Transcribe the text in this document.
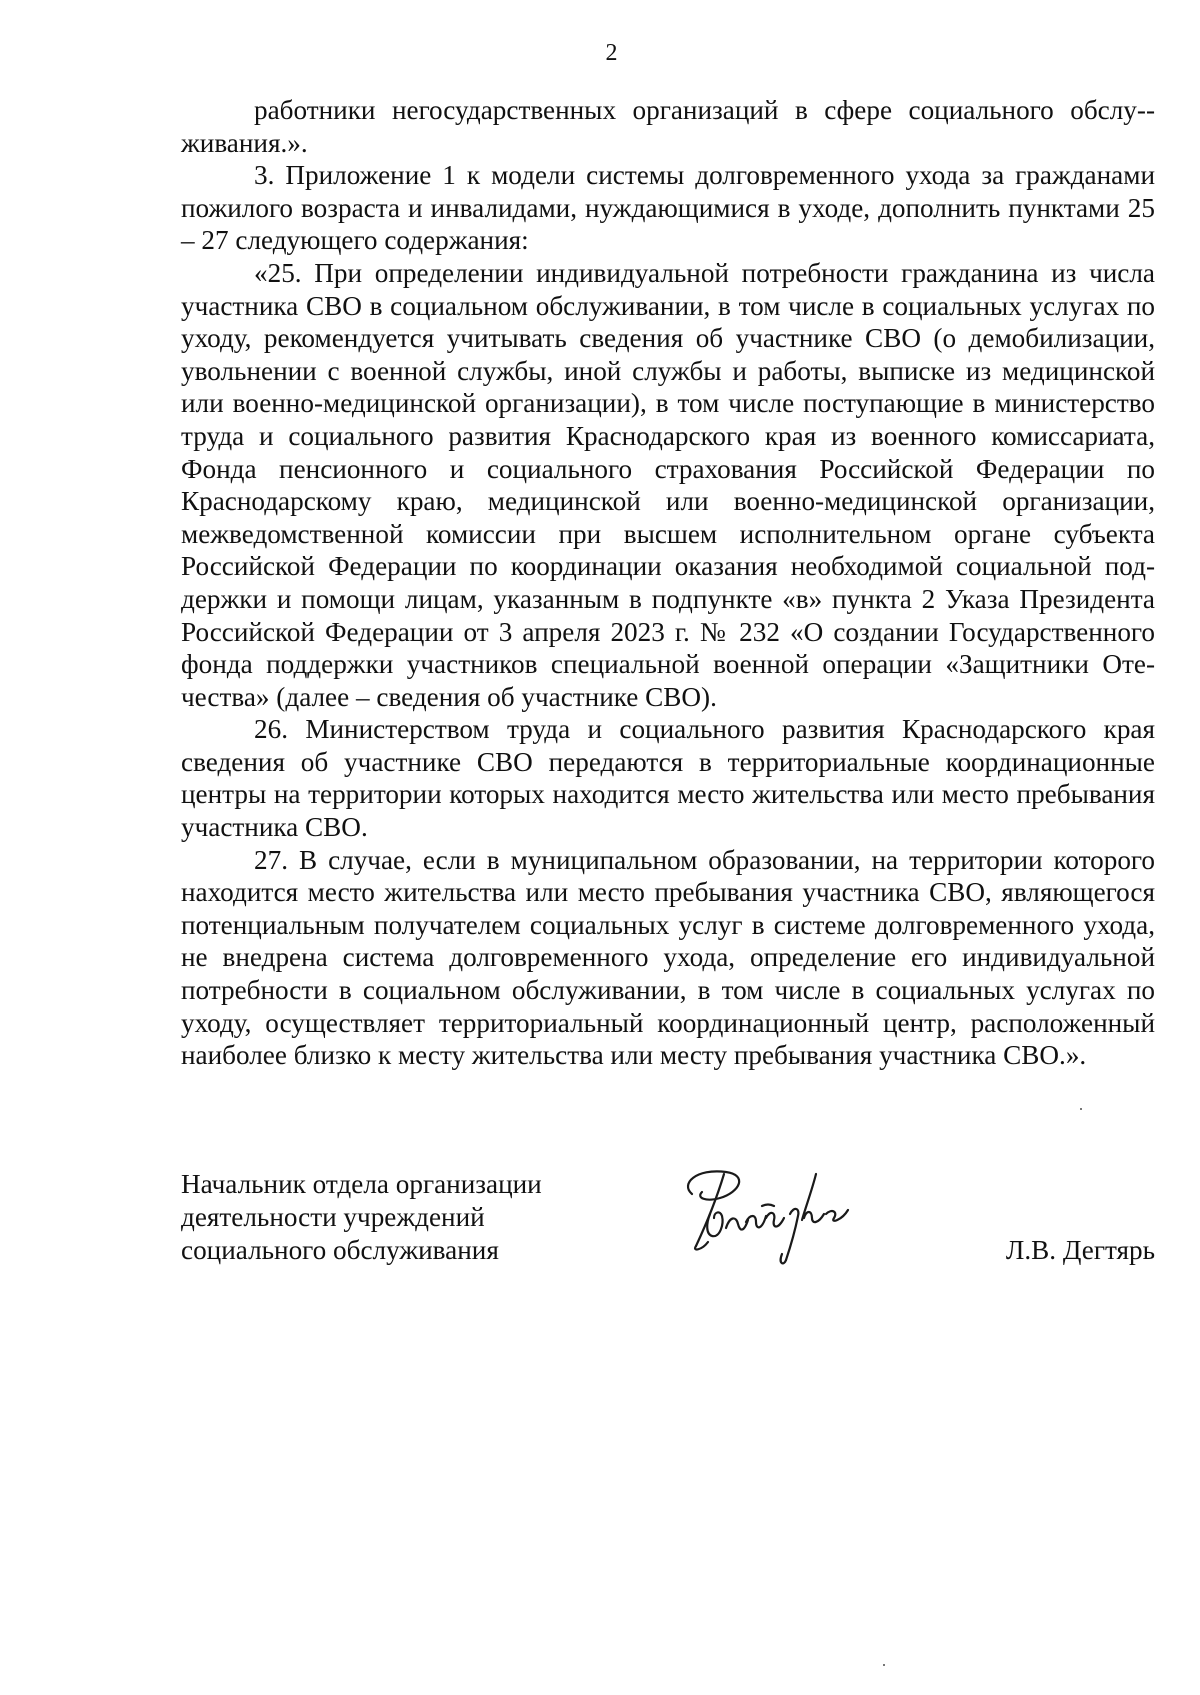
2

работники негосударственных организаций в сфере социального обслу-живания.».

3. Приложение 1 к модели системы долговременного ухода за гражданами пожилого возраста и инвалидами, нуждающимися в уходе, дополнить пунктами 25 – 27 следующего содержания:

«25. При определении индивидуальной потребности гражданина из числа участника СВО в социальном обслуживании, в том числе в социальных услугах по уходу, рекомендуется учитывать сведения об участнике СВО (о демобилизации, увольнении с военной службы, иной службы и работы, выписке из медицинской или военно-медицинской организации), в том числе поступающие в министерство труда и социального развития Краснодарского края из военного комиссариата, Фонда пенсионного и социального страхования Российской Федерации по Краснодарскому краю, медицинской или военно-медицинской организации, межведомственной комиссии при высшем исполнительном органе субъекта Российской Федерации по координации оказания необходимой социальной поддержки и помощи лицам, указанным в подпункте «в» пункта 2 Указа Президента Российской Федерации от 3 апреля 2023 г. № 232 «О создании Государственного фонда поддержки участников специальной военной операции «Защитники Отечества» (далее – сведения об участнике СВО).

26. Министерством труда и социального развития Краснодарского края сведения об участнике СВО передаются в территориальные координационные центры на территории которых находится место жительства или место пребывания участника СВО.

27. В случае, если в муниципальном образовании, на территории которого находится место жительства или место пребывания участника СВО, являющегося потенциальным получателем социальных услуг в системе долговременного ухода, не внедрена система долговременного ухода, определение его индивидуальной потребности в социальном обслуживании, в том числе в социальных услугах по уходу, осуществляет территориальный координационный центр, расположенный наиболее близко к месту жительства или месту пребывания участника СВО.».

Начальник отдела организации
деятельности учреждений
социального обслуживания	Л.В. Дегтярь
